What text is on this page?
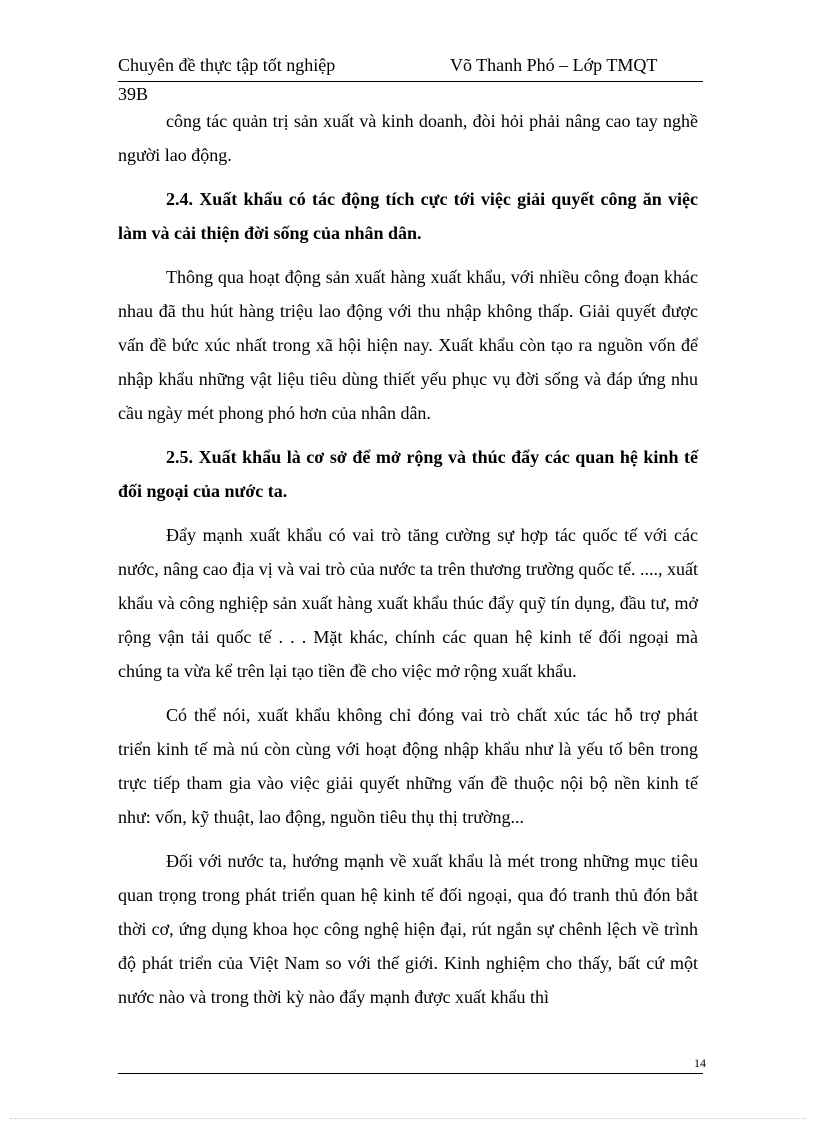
Chuyên đề thực tập tốt nghiệp 39B
Võ Thanh Phó – Lớp TMQT

công tác quản trị sản xuất và kinh doanh, đòi hỏi phải nâng cao tay nghề người lao động.

2.4. Xuất khẩu có tác động tích cực tới việc giải quyết công ăn việc làm và cải thiện đời sống của nhân dân.

Thông qua hoạt động sản xuất hàng xuất khẩu, với nhiều công đoạn khác nhau đã thu hút hàng triệu lao động với thu nhập không thấp. Giải quyết được vấn đề bức xúc nhất trong xã hội hiện nay. Xuất khẩu còn tạo ra nguồn vốn để nhập khẩu những vật liệu tiêu dùng thiết yếu phục vụ đời sống và đáp ứng nhu cầu ngày mét phong phó hơn của nhân dân.

2.5. Xuất khẩu là cơ sở để mở rộng và thúc đẩy các quan hệ kinh tế đối ngoại của nước ta.

Đẩy mạnh xuất khẩu có vai trò tăng cường sự hợp tác quốc tế với các nước, nâng cao địa vị và vai trò của nước ta trên thương trường quốc tế. ...., xuất khẩu và công nghiệp sản xuất hàng xuất khẩu thúc đẩy quỹ tín dụng, đầu tư, mở rộng vận tải quốc tế . . . Mặt khác, chính các quan hệ kinh tế đối ngoại mà chúng ta vừa kể trên lại tạo tiền đề cho việc mở rộng xuất khẩu.

Có thể nói, xuất khẩu không chỉ đóng vai trò chất xúc tác hỗ trợ phát triển kinh tế mà nú còn cùng với hoạt động nhập khẩu như là yếu tố bên trong trực tiếp tham gia vào việc giải quyết những vấn đề thuộc nội bộ nền kinh tế như: vốn, kỹ thuật, lao động, nguồn tiêu thụ thị trường...

Đối với nước ta, hướng mạnh về xuất khẩu là mét trong những mục tiêu quan trọng trong phát triển quan hệ kinh tế đối ngoại, qua đó tranh thủ đón bắt thời cơ, ứng dụng khoa học công nghệ hiện đại, rút ngắn sự chênh lệch về trình độ phát triển của Việt Nam so với thế giới. Kinh nghiệm cho thấy, bất cứ một nước nào và trong thời kỳ nào đẩy mạnh được xuất khẩu thì

14
